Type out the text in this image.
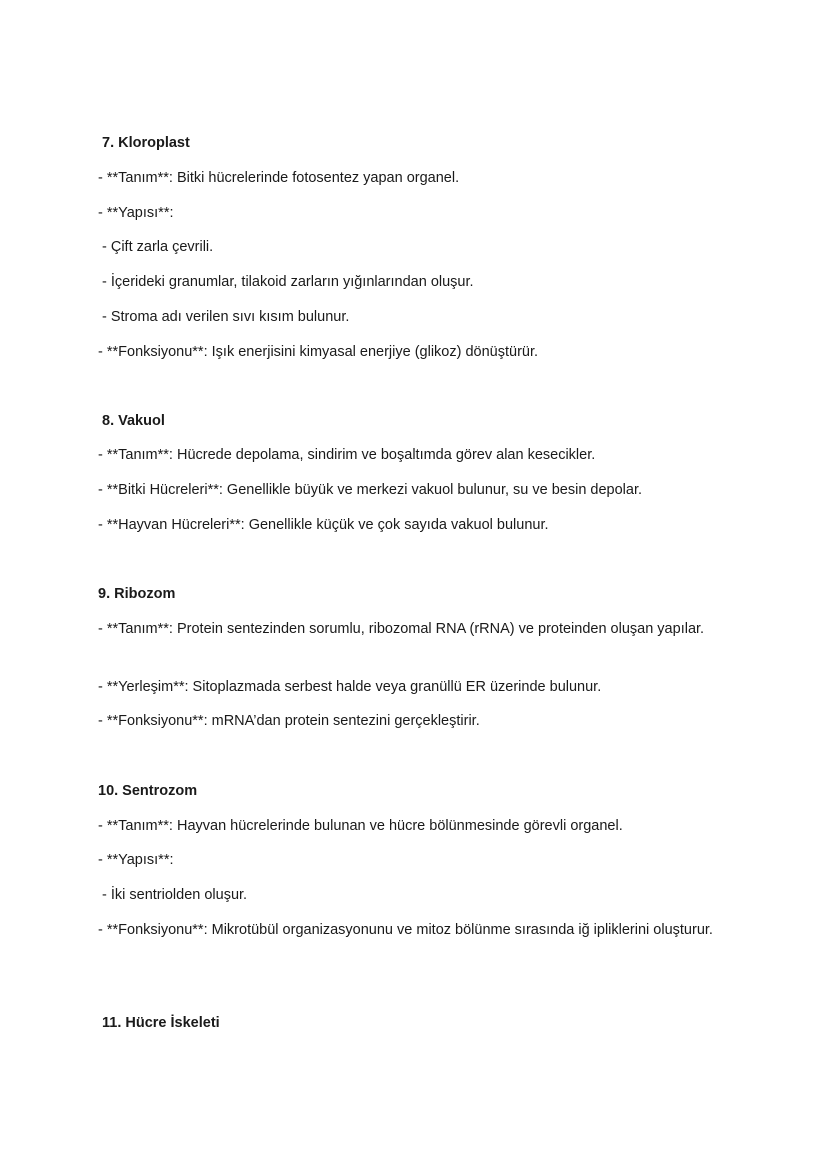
7. Kloroplast
- **Tanım**: Bitki hücrelerinde fotosentez yapan organel.
- **Yapısı**:
- Çift zarla çevrili.
- İçerideki granumlar, tilakoid zarların yığınlarından oluşur.
- Stroma adı verilen sıvı kısım bulunur.
- **Fonksiyonu**: Işık enerjisini kimyasal enerjiye (glikoz) dönüştürür.
8. Vakuol
- **Tanım**: Hücrede depolama, sindirim ve boşaltımda görev alan kesecikler.
- **Bitki Hücreleri**: Genellikle büyük ve merkezi vakuol bulunur, su ve besin depolar.
- **Hayvan Hücreleri**: Genellikle küçük ve çok sayıda vakuol bulunur.
9. Ribozom
- **Tanım**: Protein sentezinden sorumlu, ribozomal RNA (rRNA) ve proteinden oluşan yapılar.
- **Yerleşim**: Sitoplazmada serbest halde veya granüllü ER üzerinde bulunur.
- **Fonksiyonu**: mRNA’dan protein sentezini gerçekleştirir.
10. Sentrozom
- **Tanım**: Hayvan hücrelerinde bulunan ve hücre bölünmesinde görevli organel.
- **Yapısı**:
- İki sentriolden oluşur.
- **Fonksiyonu**: Mikrotübül organizasyonunu ve mitoz bölünme sırasında iğ ipliklerini oluşturur.
11. Hücre İskeleti
